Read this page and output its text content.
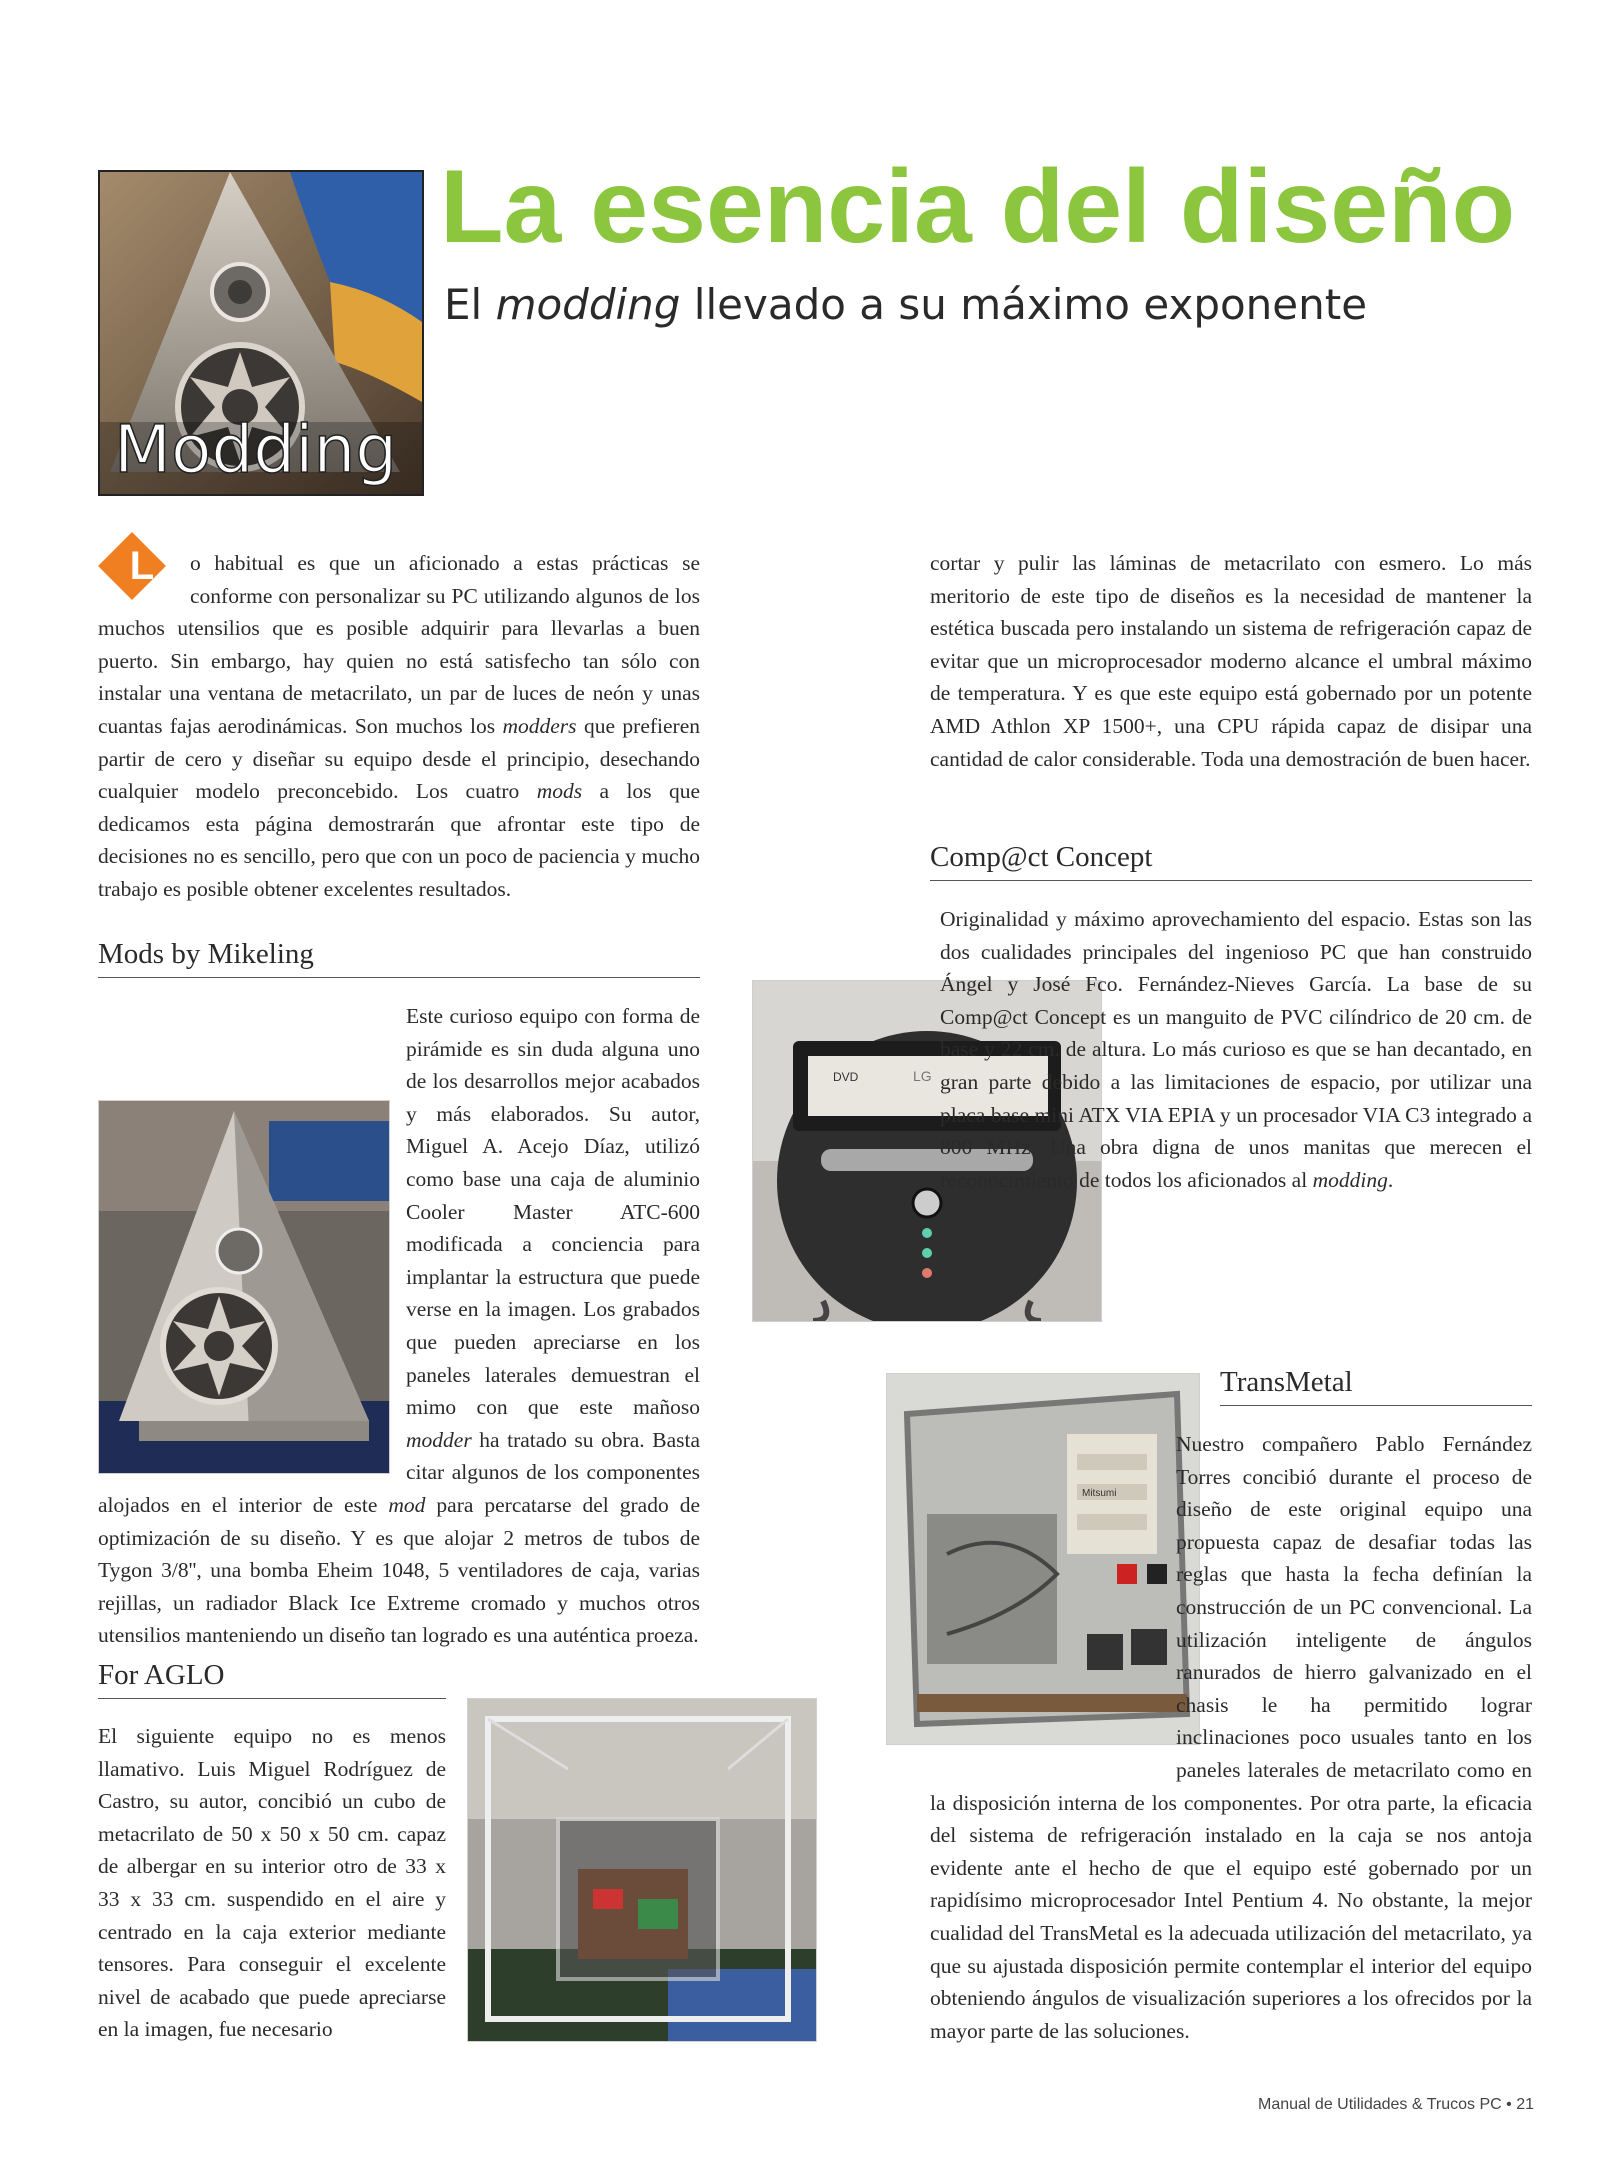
Modding
La esencia del diseño
El modding llevado a su máximo exponente
L	o habitual es que un aficionado a estas prácticas se conforme con personalizar su PC utilizando algunos de los muchos utensilios que es posible adquirir para llevarlas a buen puerto. Sin embargo, hay quien no está satisfecho tan sólo con instalar una ventana de metacrilato, un par de luces de neón y unas cuantas fajas aerodinámicas. Son muchos los modders que prefieren partir de cero y diseñar su equipo desde el principio, desechando cualquier modelo preconcebido. Los cuatro mods a los que dedicamos esta página demostrarán que afrontar este tipo de decisiones no es sencillo, pero que con un poco de paciencia y mucho trabajo es posible obtener excelentes resultados.

Mods by Mikeling

Este curioso equipo con forma de pirámide es sin duda alguna uno de los desarrollos mejor acabados y más elaborados. Su autor, Miguel A. Acejo Díaz, utilizó como base una caja de aluminio Cooler Master ATC-600 modificada a conciencia para implantar la estructura que puede verse en la imagen. Los grabados que pueden apreciarse en los paneles laterales demuestran el mimo con que este mañoso modder ha tratado su obra. Basta citar algunos de los componentes alojados en el interior de este mod para percatarse del grado de optimización de su diseño. Y es que alojar 2 metros de tubos de Tygon 3/8'', una bomba Eheim 1048, 5 ventiladores de caja, varias rejillas, un radiador Black Ice Extreme cromado y muchos otros utensilios manteniendo un diseño tan logrado es una auténtica proeza.

For AGLO
El siguiente equipo no es menos llamativo. Luis Miguel Rodríguez de Castro, su autor, concibió un cubo de metacrilato de 50 x 50 x 50 cm. capaz de albergar en su interior otro de 33 x 33 x 33 cm. suspendido en el aire y centrado en la caja exterior mediante tensores. Para conseguir el excelente nivel de acabado que puede apreciarse en la imagen, fue necesario
cortar y pulir las láminas de metacrilato con esmero. Lo más meritorio de este tipo de diseños es la necesidad de mantener la estética buscada pero instalando un sistema de refrigeración capaz de evitar que un microprocesador moderno alcance el umbral máximo de temperatura. Y es que este equipo está gobernado por un potente AMD Athlon XP 1500+, una CPU rápida capaz de disipar una cantidad de calor considerable. Toda una demostración de buen hacer.
Comp@ct Concept
DVD	LG

Originalidad y máximo aprovechamiento del espacio. Estas son las dos cualidades principales del ingenioso PC que han construido Ángel y José Fco. Fernández-Nieves García. La base de su Comp@ct Concept es un manguito de PVC cilíndrico de 20 cm. de base y 22 cm. de altura. Lo más curioso es que se han decantado, en gran parte debido a las limitaciones de espacio, por utilizar una placa base mini ATX VIA EPIA y un procesador VIA C3 integrado a 800 MHz. Una obra digna de unos manitas que merecen el reconocimiento de todos los aficionados al modding.

TransMetal
Mitsumi

Nuestro compañero Pablo Fernández Torres concibió durante el proceso de diseño de este original equipo una propuesta capaz de desafiar todas las reglas que hasta la fecha definían la construcción de un PC convencional. La utilización inteligente de ángulos ranurados de hierro galvanizado en el chasis le ha permitido lograr inclinaciones poco usuales tanto en los paneles laterales de metacrilato como en la disposición interna de los componentes. Por otra parte, la eficacia del sistema de refrigeración instalado en la caja se nos antoja evidente ante el hecho de que el equipo esté gobernado por un rapidísimo microprocesador Intel Pentium 4. No obstante, la mejor cualidad del TransMetal es la adecuada utilización del metacrilato, ya que su ajustada disposición permite contemplar el interior del equipo obteniendo ángulos de visualización superiores a los ofrecidos por la mayor parte de las soluciones.

Manual de Utilidades & Trucos PC • 21
